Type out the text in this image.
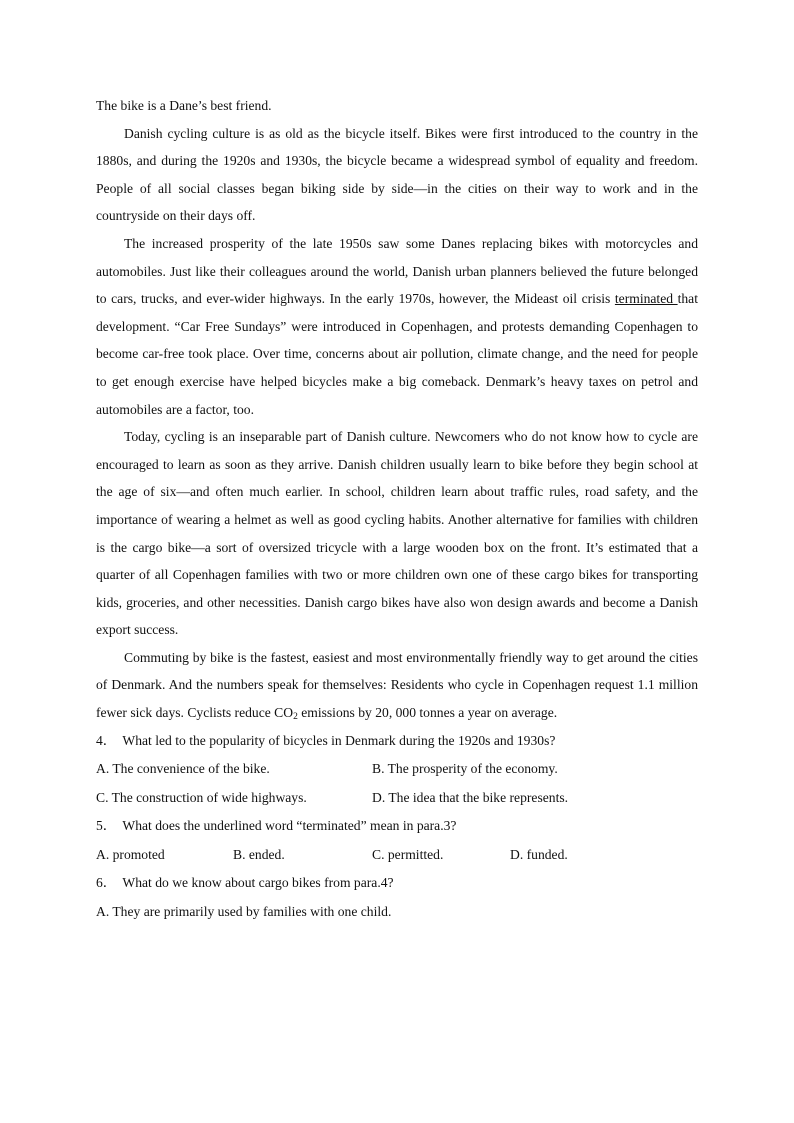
The bike is a Dane’s best friend.

Danish cycling culture is as old as the bicycle itself. Bikes were first introduced to the country in the 1880s, and during the 1920s and 1930s, the bicycle became a widespread symbol of equality and freedom. People of all social classes began biking side by side—in the cities on their way to work and in the countryside on their days off.

The increased prosperity of the late 1950s saw some Danes replacing bikes with motorcycles and automobiles. Just like their colleagues around the world, Danish urban planners believed the future belonged to cars, trucks, and ever-wider highways. In the early 1970s, however, the Mideast oil crisis terminated that development. “Car Free Sundays” were introduced in Copenhagen, and protests demanding Copenhagen to become car-free took place. Over time, concerns about air pollution, climate change, and the need for people to get enough exercise have helped bicycles make a big comeback. Denmark’s heavy taxes on petrol and automobiles are a factor, too.

Today, cycling is an inseparable part of Danish culture. Newcomers who do not know how to cycle are encouraged to learn as soon as they arrive. Danish children usually learn to bike before they begin school at the age of six—and often much earlier. In school, children learn about traffic rules, road safety, and the importance of wearing a helmet as well as good cycling habits. Another alternative for families with children is the cargo bike—a sort of oversized tricycle with a large wooden box on the front. It’s estimated that a quarter of all Copenhagen families with two or more children own one of these cargo bikes for transporting kids, groceries, and other necessities. Danish cargo bikes have also won design awards and become a Danish export success.

Commuting by bike is the fastest, easiest and most environmentally friendly way to get around the cities of Denmark. And the numbers speak for themselves: Residents who cycle in Copenhagen request 1.1 million fewer sick days. Cyclists reduce $CO_2$ emissions by 20, 000 tonnes a year on average.

4． What led to the popularity of bicycles in Denmark during the 1920s and 1930s?

A. The convenience of the bike.	B. The prosperity of the economy.
C. The construction of wide highways.	D. The idea that the bike represents.

5． What does the underlined word “terminated” mean in para.3?

A. promoted	B. ended.	C. permitted.	D. funded.

6． What do we know about cargo bikes from para.4?

A. They are primarily used by families with one child.
